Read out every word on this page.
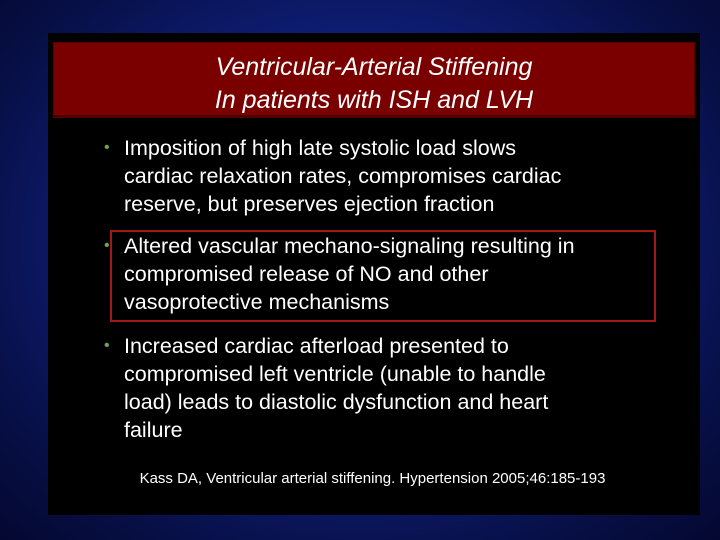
Ventricular-Arterial Stiffening
In patients with ISH and LVH
• Imposition of high late systolic load slows
cardiac relaxation rates, compromises cardiac
reserve, but preserves ejection fraction
• Altered vascular mechano-signaling resulting in
compromised release of NO and other
vasoprotective mechanisms
• Increased cardiac afterload presented to
compromised left ventricle (unable to handle
load) leads to diastolic dysfunction and heart
failure
Kass DA, Ventricular arterial stiffening. Hypertension 2005;46:185-193
